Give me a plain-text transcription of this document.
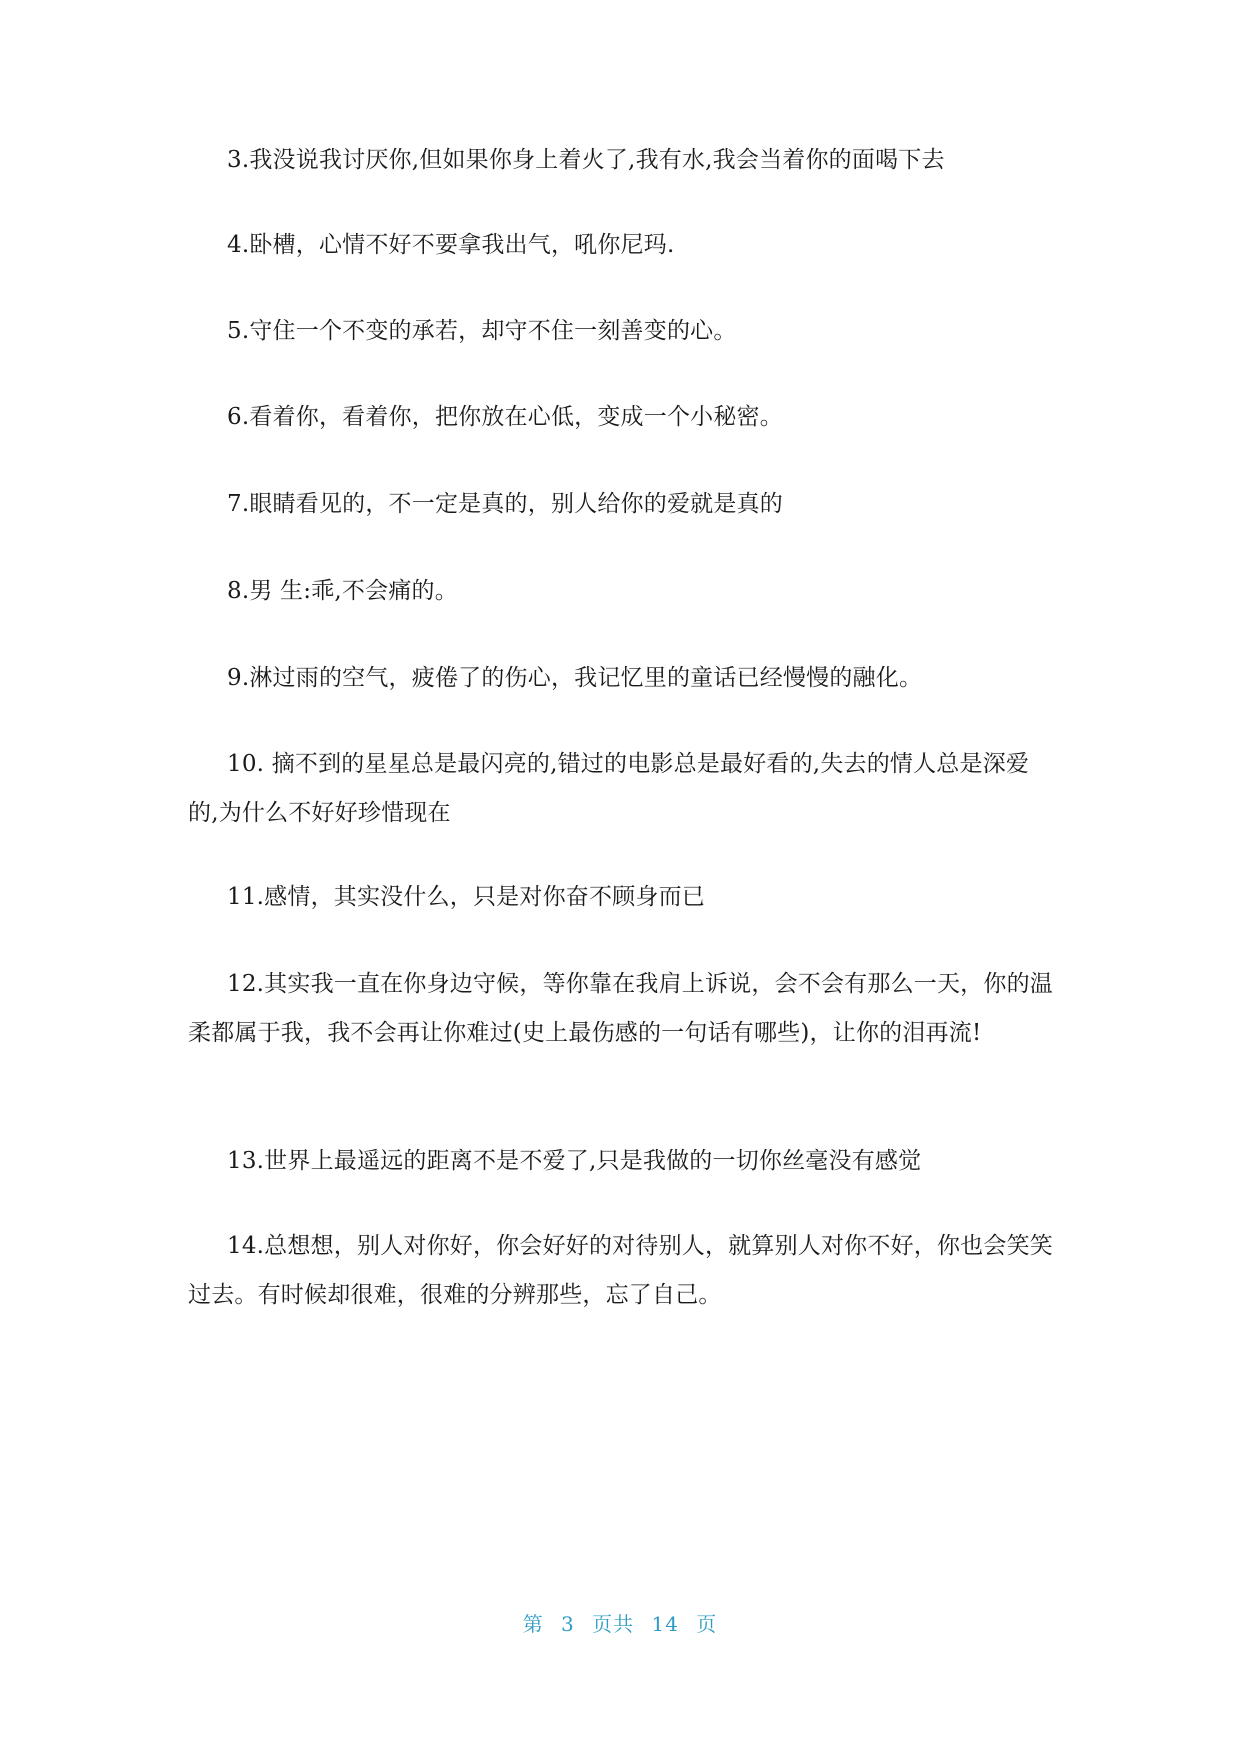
3.我没说我讨厌你,但如果你身上着火了,我有水,我会当着你的面喝下去

4.卧槽，心情不好不要拿我出气，吼你尼玛.

5.守住一个不变的承若，却守不住一刻善变的心。

6.看着你，看着你，把你放在心低，变成一个小秘密。

7.眼睛看见的，不一定是真的，别人给你的爱就是真的

8.男 生:乖,不会痛的。

9.淋过雨的空气，疲倦了的伤心，我记忆里的童话已经慢慢的融化。

10. 摘不到的星星总是最闪亮的,错过的电影总是最好看的,失去的情人总是深爱的,为什么不好好珍惜现在

11.感情，其实没什么，只是对你奋不顾身而已

12.其实我一直在你身边守候，等你靠在我肩上诉说，会不会有那么一天，你的温柔都属于我，我不会再让你难过(史上最伤感的一句话有哪些)，让你的泪再流!

13.世界上最遥远的距离不是不爱了,只是我做的一切你丝毫没有感觉

14.总想想，别人对你好，你会好好的对待别人，就算别人对你不好，你也会笑笑过去。有时候却很难，很难的分辨那些，忘了自己。

第 3 页共 14 页
